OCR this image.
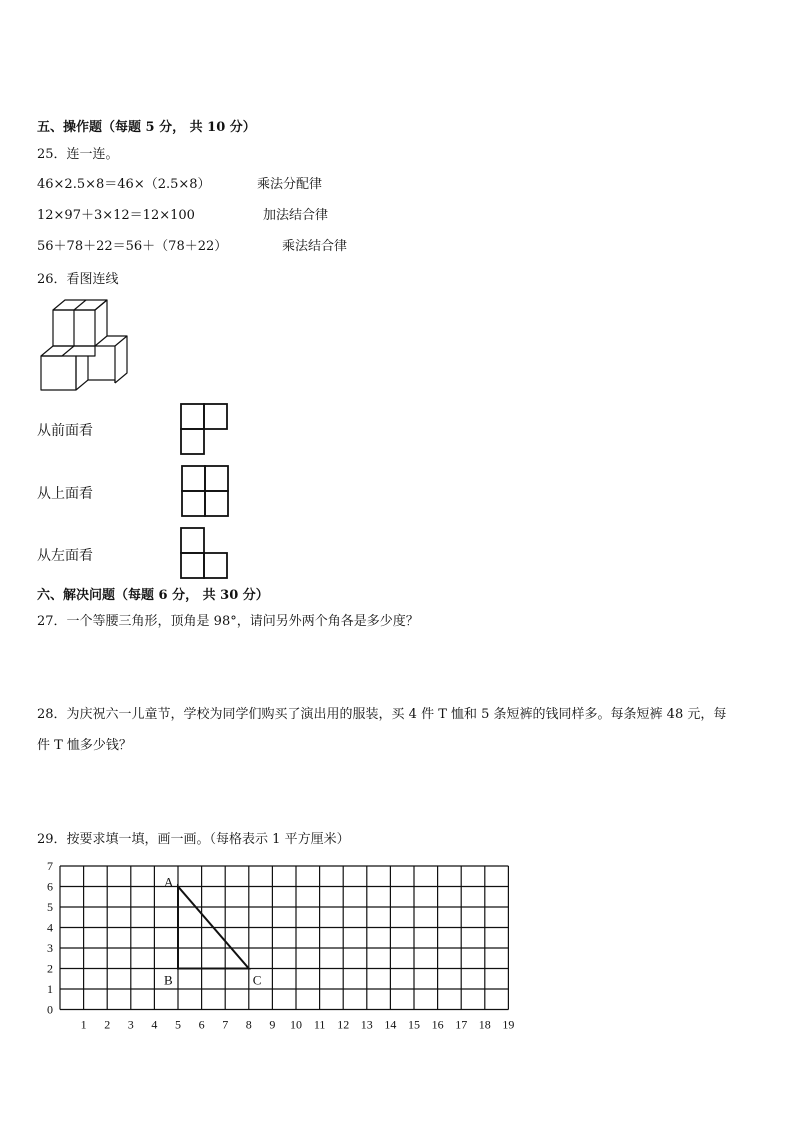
五、操作题（每题 5 分， 共 10 分）
25．连一连。
46×2.5×8＝46×（2.5×8）	乘法分配律
12×97＋3×12＝12×100	加法结合律
56＋78＋22＝56＋（78＋22）	乘法结合律
26．看图连线
从前面看
从上面看
从左面看
六、解决问题（每题 6 分， 共 30 分）
27．一个等腰三角形，顶角是 98°，请问另外两个角各是多少度？
28．为庆祝六一儿童节，学校为同学们购买了演出用的服装，买 4 件 T 恤和 5 条短裤的钱同样多。每条短裤 48 元，每
件 T 恤多少钱？
29．按要求填一填，画一画。（每格表示 1 平方厘米）
1 2 3 4 5 6 7 8 9 10 11 12 13 14 15 16 17 18 19
0
1
2
3
4
5
6
7
A
B	C
